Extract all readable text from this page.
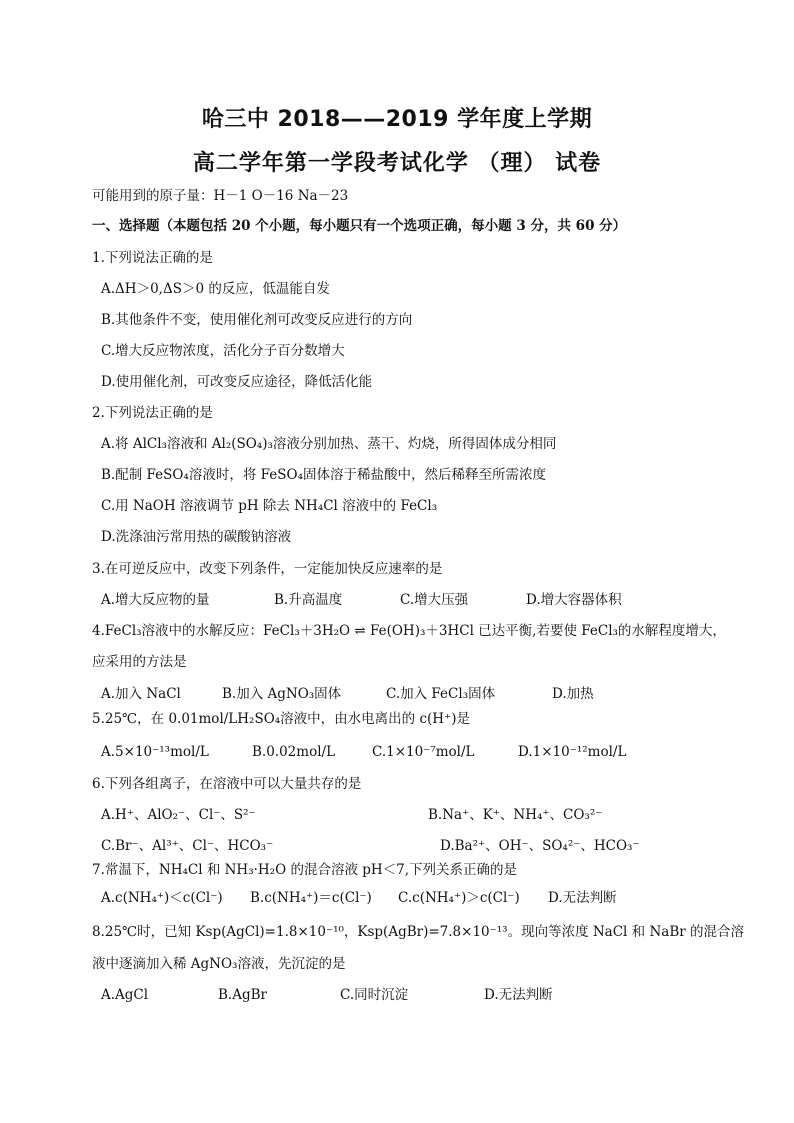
哈三中 2018——2019 学年度上学期
高二学年第一学段考试化学 （理） 试卷
可能用到的原子量：H－1 O－16 Na－23
一、选择题（本题包括 20 个小题，每小题只有一个选项正确，每小题 3 分，共 60 分）
1.下列说法正确的是
A.ΔH＞0,ΔS＞0 的反应，低温能自发
B.其他条件不变，使用催化剂可改变反应进行的方向
C.增大反应物浓度，活化分子百分数增大
D.使用催化剂，可改变反应途径，降低活化能
2.下列说法正确的是
A.将 AlCl₃溶液和 Al₂(SO₄)₃溶液分别加热、蒸干、灼烧，所得固体成分相同
B.配制 FeSO₄溶液时，将 FeSO₄固体溶于稀盐酸中，然后稀释至所需浓度
C.用 NaOH 溶液调节 pH 除去 NH₄Cl 溶液中的 FeCl₃
D.洗涤油污常用热的碳酸钠溶液
3.在可逆反应中，改变下列条件，一定能加快反应速率的是
A.增大反应物的量	B.升高温度	C.增大压强	D.增大容器体积
4.FeCl₃溶液中的水解反应：FeCl₃＋3H₂O ⇌ Fe(OH)₃＋3HCl 已达平衡,若要使 FeCl₃的水解程度增大，
应采用的方法是
A.加入 NaCl	B.加入 AgNO₃固体	C.加入 FeCl₃固体	D.加热
5.25℃，在 0.01mol/LH₂SO₄溶液中，由水电离出的 c(H⁺)是
A.5×10⁻¹³mol/L	B.0.02mol/L	C.1×10⁻⁷mol/L	D.1×10⁻¹²mol/L
6.下列各组离子，在溶液中可以大量共存的是
A.H⁺、AlO₂⁻、Cl⁻、S²⁻	B.Na⁺、K⁺、NH₄⁺、CO₃²⁻
C.Br⁻、Al³⁺、Cl⁻、HCO₃⁻	D.Ba²⁺、OH⁻、SO₄²⁻、HCO₃⁻
7.常温下，NH₄Cl 和 NH₃·H₂O 的混合溶液 pH＜7,下列关系正确的是
A.c(NH₄⁺)＜c(Cl⁻) B.c(NH₄⁺)＝c(Cl⁻) C.c(NH₄⁺)＞c(Cl⁻) D.无法判断
8.25℃时，已知 Ksp(AgCl)=1.8×10⁻¹⁰，Ksp(AgBr)=7.8×10⁻¹³。现向等浓度 NaCl 和 NaBr 的混合溶
液中逐滴加入稀 AgNO₃溶液，先沉淀的是
A.AgCl	B.AgBr	C.同时沉淀	D.无法判断
